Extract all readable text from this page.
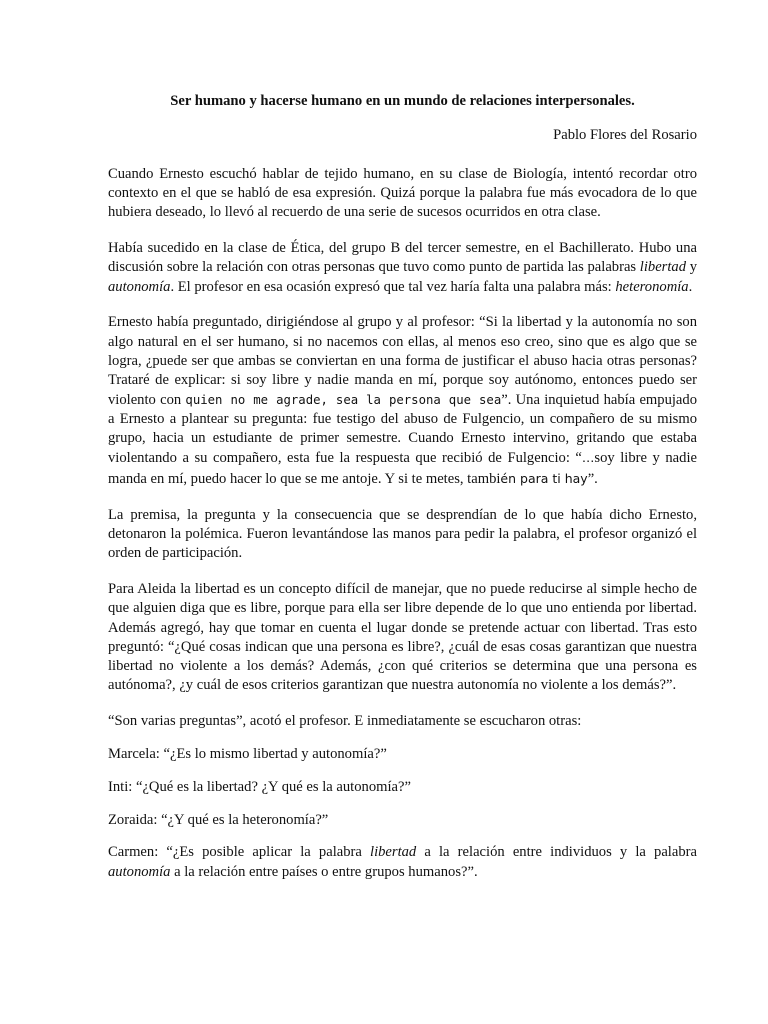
Ser humano y hacerse humano en un mundo de relaciones interpersonales.
Pablo Flores del Rosario

Cuando Ernesto escuchó hablar de tejido humano, en su clase de Biología, intentó recordar otro contexto en el que se habló de esa expresión. Quizá porque la palabra fue más evocadora de lo que hubiera deseado, lo llevó al recuerdo de una serie de sucesos ocurridos en otra clase.

Había sucedido en la clase de Ética, del grupo B del tercer semestre, en el Bachillerato. Hubo una discusión sobre la relación con otras personas que tuvo como punto de partida las palabras libertad y autonomía. El profesor en esa ocasión expresó que tal vez haría falta una palabra más: heteronomía.

Ernesto había preguntado, dirigiéndose al grupo y al profesor: “Si la libertad y la autonomía no son algo natural en el ser humano, si no nacemos con ellas, al menos eso creo, sino que es algo que se logra, ¿puede ser que ambas se conviertan en una forma de justificar el abuso hacia otras personas? Trataré de explicar: si soy libre y nadie manda en mí, porque soy autónomo, entonces puedo ser violento con quien no me agrade, sea la persona que sea”. Una inquietud había empujado a Ernesto a plantear su pregunta: fue testigo del abuso de Fulgencio, un compañero de su mismo grupo, hacia un estudiante de primer semestre. Cuando Ernesto intervino, gritando que estaba violentando a su compañero, esta fue la respuesta que recibió de Fulgencio: “…soy libre y nadie manda en mí, puedo hacer lo que se me antoje. Y si te metes, también para ti hay”.

La premisa, la pregunta y la consecuencia que se desprendían de lo que había dicho Ernesto, detonaron la polémica. Fueron levantándose las manos para pedir la palabra, el profesor organizó el orden de participación.

Para Aleida la libertad es un concepto difícil de manejar, que no puede reducirse al simple hecho de que alguien diga que es libre, porque para ella ser libre depende de lo que uno entienda por libertad. Además agregó, hay que tomar en cuenta el lugar donde se pretende actuar con libertad. Tras esto preguntó: “¿Qué cosas indican que una persona es libre?, ¿cuál de esas cosas garantizan que nuestra libertad no violente a los demás? Además, ¿con qué criterios se determina que una persona es autónoma?, ¿y cuál de esos criterios garantizan que nuestra autonomía no violente a los demás?”.

“Son varias preguntas”, acotó el profesor. E inmediatamente se escucharon otras:

Marcela: “¿Es lo mismo libertad y autonomía?”

Inti: “¿Qué es la libertad? ¿Y qué es la autonomía?”

Zoraida: “¿Y qué es la heteronomía?”

Carmen: “¿Es posible aplicar la palabra libertad a la relación entre individuos y la palabra autonomía a la relación entre países o entre grupos humanos?”.
